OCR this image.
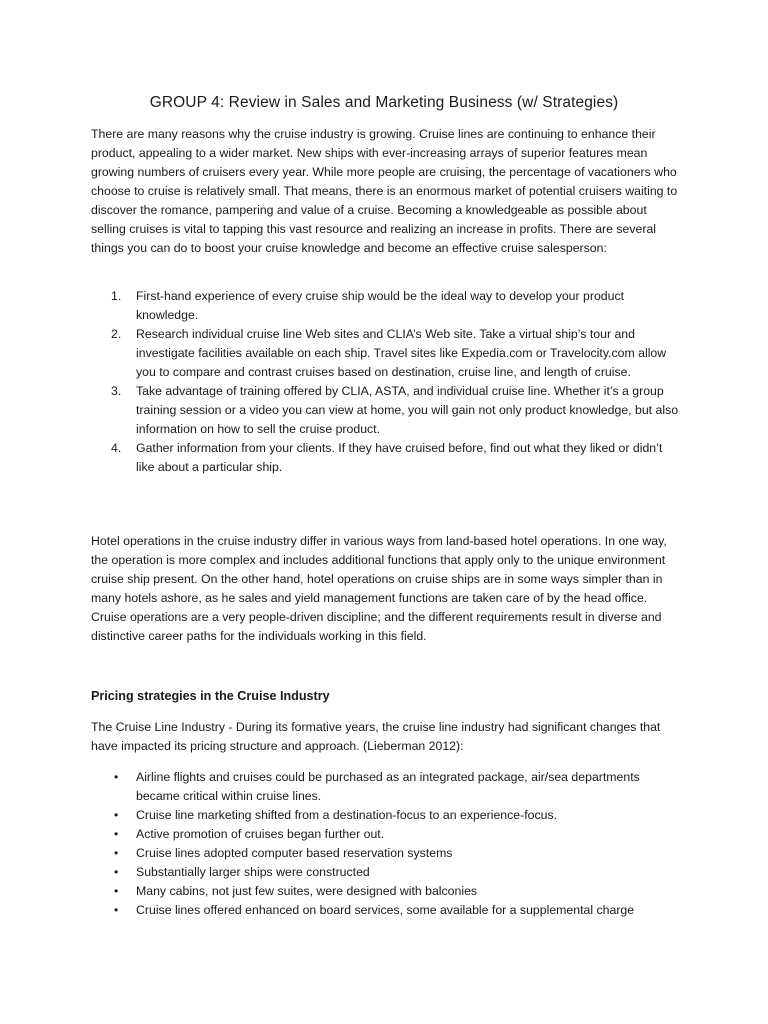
GROUP 4: Review in Sales and Marketing Business (w/ Strategies)

There are many reasons why the cruise industry is growing. Cruise lines are continuing to enhance their product, appealing to a wider market. New ships with ever-increasing arrays of superior features mean growing numbers of cruisers every year. While more people are cruising, the percentage of vacationers who choose to cruise is relatively small. That means, there is an enormous market of potential cruisers waiting to discover the romance, pampering and value of a cruise. Becoming a knowledgeable as possible about selling cruises is vital to tapping this vast resource and realizing an increase in profits. There are several things you can do to boost your cruise knowledge and become an effective cruise salesperson:

1. First-hand experience of every cruise ship would be the ideal way to develop your product knowledge.
2. Research individual cruise line Web sites and CLIA’s Web site. Take a virtual ship’s tour and investigate facilities available on each ship. Travel sites like Expedia.com or Travelocity.com allow you to compare and contrast cruises based on destination, cruise line, and length of cruise.
3. Take advantage of training offered by CLIA, ASTA, and individual cruise line. Whether it’s a group training session or a video you can view at home, you will gain not only product knowledge, but also information on how to sell the cruise product.
4. Gather information from your clients. If they have cruised before, find out what they liked or didn’t like about a particular ship.

Hotel operations in the cruise industry differ in various ways from land-based hotel operations. In one way, the operation is more complex and includes additional functions that apply only to the unique environment cruise ship present. On the other hand, hotel operations on cruise ships are in some ways simpler than in many hotels ashore, as he sales and yield management functions are taken care of by the head office. Cruise operations are a very people-driven discipline; and the different requirements result in diverse and distinctive career paths for the individuals working in this field.

Pricing strategies in the Cruise Industry

The Cruise Line Industry - During its formative years, the cruise line industry had significant changes that have impacted its pricing structure and approach. (Lieberman 2012):

• Airline flights and cruises could be purchased as an integrated package, air/sea departments became critical within cruise lines.
• Cruise line marketing shifted from a destination-focus to an experience-focus.
• Active promotion of cruises began further out.
• Cruise lines adopted computer based reservation systems
• Substantially larger ships were constructed
• Many cabins, not just few suites, were designed with balconies
• Cruise lines offered enhanced on board services, some available for a supplemental charge
